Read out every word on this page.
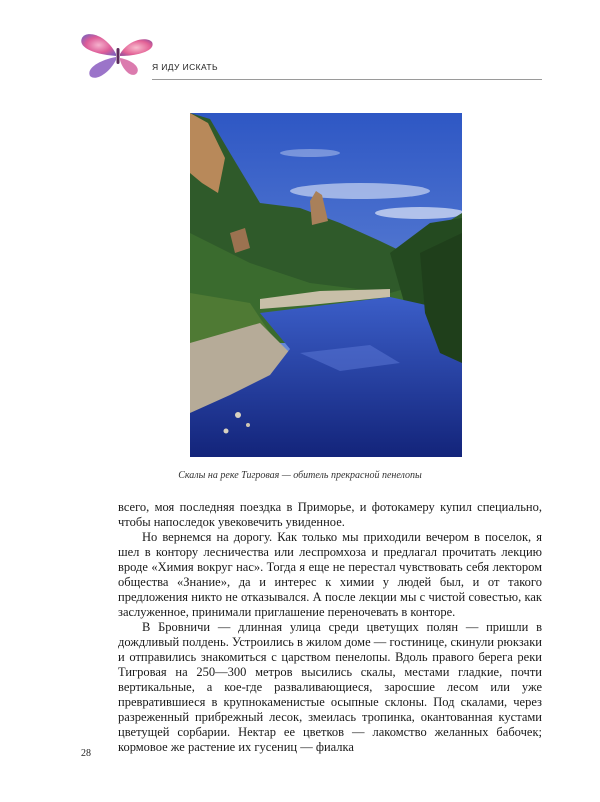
Я ИДУ ИСКАТЬ
Скалы на реке Тигровая — обитель прекрасной пенелопы

всего, моя последняя поездка в Приморье, и фотокамеру купил специально, чтобы напоследок увековечить увиденное.

Но вернемся на дорогу. Как только мы приходили вечером в поселок, я шел в контору лесничества или леспромхоза и предлагал прочитать лекцию вроде «Химия вокруг нас». Тогда я еще не перестал чувствовать себя лектором общества «Знание», да и интерес к химии у людей был, и от такого предложения никто не отказывался. А после лекции мы с чистой совестью, как заслуженное, принимали приглашение переночевать в конторе.

В Бровничи — длинная улица среди цветущих полян — пришли в дождливый полдень. Устроились в жилом доме — гостинице, скинули рюкзаки и отправились знакомиться с царством пенелопы. Вдоль правого берега реки Тигровая на 250—300 метров высились скалы, местами гладкие, почти вертикальные, а кое-где разваливающиеся, заросшие лесом или уже превратившиеся в крупнокаменистые осыпные склоны. Под скалами, через разреженный прибрежный лесок, змеилась тропинка, окантованная кустами цветущей сорбарии. Нектар ее цветков — лакомство желанных бабочек; кормовое же растение их гусениц — фиалка

28
